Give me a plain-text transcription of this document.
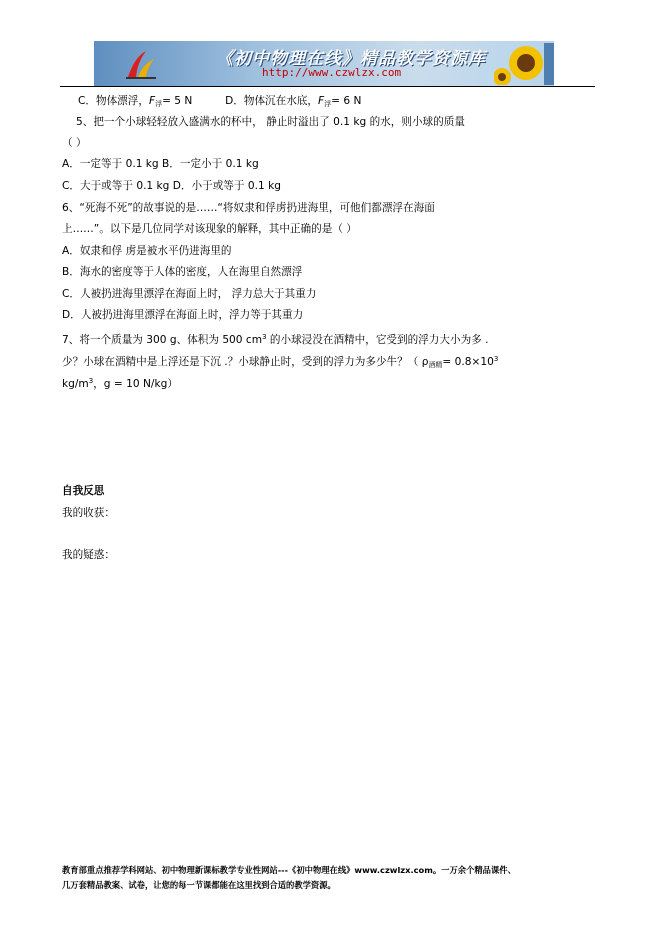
《初中物理在线》精品教学资源库
http://www.czwlzx.com
C．物体漂浮，$F_浮= 5$ N	D．物体沉在水底，$F_浮= 6$ N
5、把一个小球轻轻放入盛满水的杯中， 静止时溢出了 0.1 kg 的水，则小球的质量
（ ）
A．一定等于 0.1 kg B．一定小于 0.1 kg
C．大于或等于 0.1 kg D．小于或等于 0.1 kg
6、“死海不死”的故事说的是……“将奴隶和俘虏扔进海里，可他们都漂浮在海面
上……”。以下是几位同学对该现象的解释，其中正确的是（ ）
A．奴隶和俘 虏是被水平仍进海里的
B．海水的密度等于人体的密度，人在海里自然漂浮
C．人被扔进海里漂浮在海面上时， 浮力总大于其重力
D．人被扔进海里漂浮在海面上时，浮力等于其重力
7、将一个质量为 300 g、体积为 500 $cm^3$ 的小球浸没在酒精中，它受到的浮力大小为多 .
少？小球在酒精中是上浮还是下沉 .？小球静止时，受到的浮力为多少牛？（ $\rho_{酒精}= 0.8\times 10^3$
$kg/m^3$，g = 10 N/kg）
自我反思
我的收获：
我的疑惑：
教育部重点推荐学科网站、初中物理新课标教学专业性网站---《初中物理在线》www.czwlzx.com。一万余个精品课件、
几万套精品教案、试卷，让您的每一节课都能在这里找到合适的教学资源。
